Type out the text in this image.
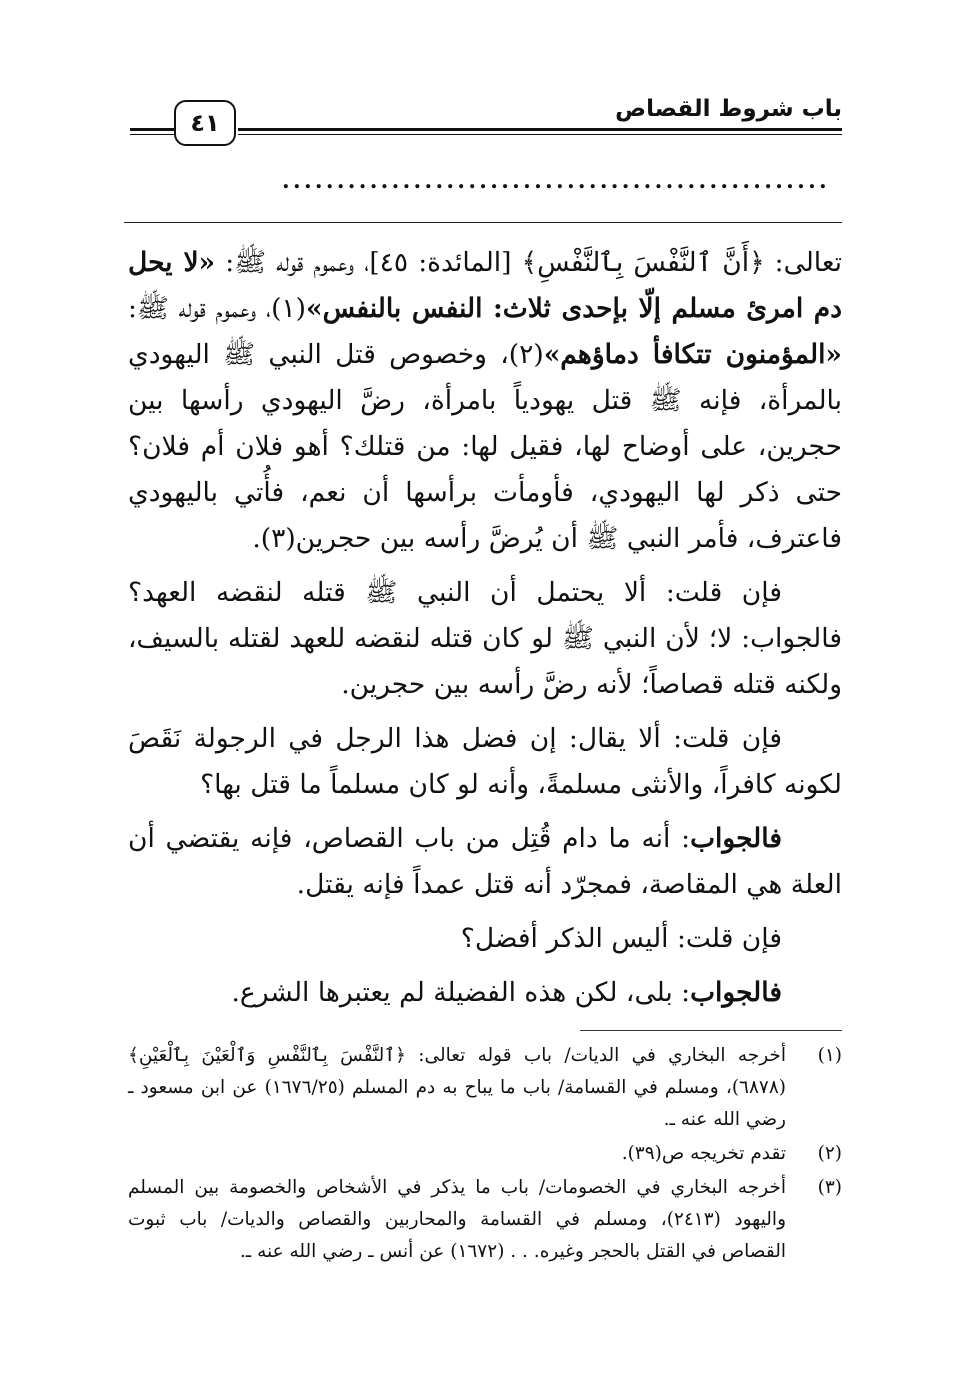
باب شروط القصاص
٤١
..................................................

تعالى: ﴿أَنَّ ٱلنَّفْسَ بِٱلنَّفْسِ﴾ [المائدة: ٤٥]، وعموم قوله ﷺ: «لا يحل دم امرئ مسلم إلّا بإحدى ثلاث: النفس بالنفس»(١)، وعموم قوله ﷺ: «المؤمنون تتكافأ دماؤهم»(٢)، وخصوص قتل النبي ﷺ اليهودي بالمرأة، فإنه ﷺ قتل يهودياً بامرأة، رضَّ اليهودي رأسها بين حجرين، على أوضاح لها، فقيل لها: من قتلك؟ أهو فلان أم فلان؟ حتى ذكر لها اليهودي، فأومأت برأسها أن نعم، فأُتي باليهودي فاعترف، فأمر النبي ﷺ أن يُرضَّ رأسه بين حجرين(٣).

فإن قلت: ألا يحتمل أن النبي ﷺ قتله لنقضه العهد؟ فالجواب: لا؛ لأن النبي ﷺ لو كان قتله لنقضه للعهد لقتله بالسيف، ولكنه قتله قصاصاً؛ لأنه رضَّ رأسه بين حجرين.

فإن قلت: ألا يقال: إن فضل هذا الرجل في الرجولة نَقَصَ لكونه كافراً، والأنثى مسلمةً، وأنه لو كان مسلماً ما قتل بها؟

فالجواب: أنه ما دام قُتِل من باب القصاص، فإنه يقتضي أن العلة هي المقاصة، فمجرّد أنه قتل عمداً فإنه يقتل.

فإن قلت: أليس الذكر أفضل؟

فالجواب: بلى، لكن هذه الفضيلة لم يعتبرها الشرع.

(١)
أخرجه البخاري في الديات/ باب قوله تعالى: ﴿ٱلنَّفْسَ بِٱلنَّفْسِ وَٱلْعَيْنَ بِٱلْعَيْنِ﴾ (٦٨٧٨)، ومسلم في القسامة/ باب ما يباح به دم المسلم (١٦٧٦/٢٥) عن ابن مسعود ـ رضي الله عنه ـ.
(٢)
تقدم تخريجه ص(٣٩).
(٣)
أخرجه البخاري في الخصومات/ باب ما يذكر في الأشخاص والخصومة بين المسلم واليهود (٢٤١٣)، ومسلم في القسامة والمحاربين والقصاص والديات/ باب ثبوت القصاص في القتل بالحجر وغيره. . . (١٦٧٢) عن أنس ـ رضي الله عنه ـ.
